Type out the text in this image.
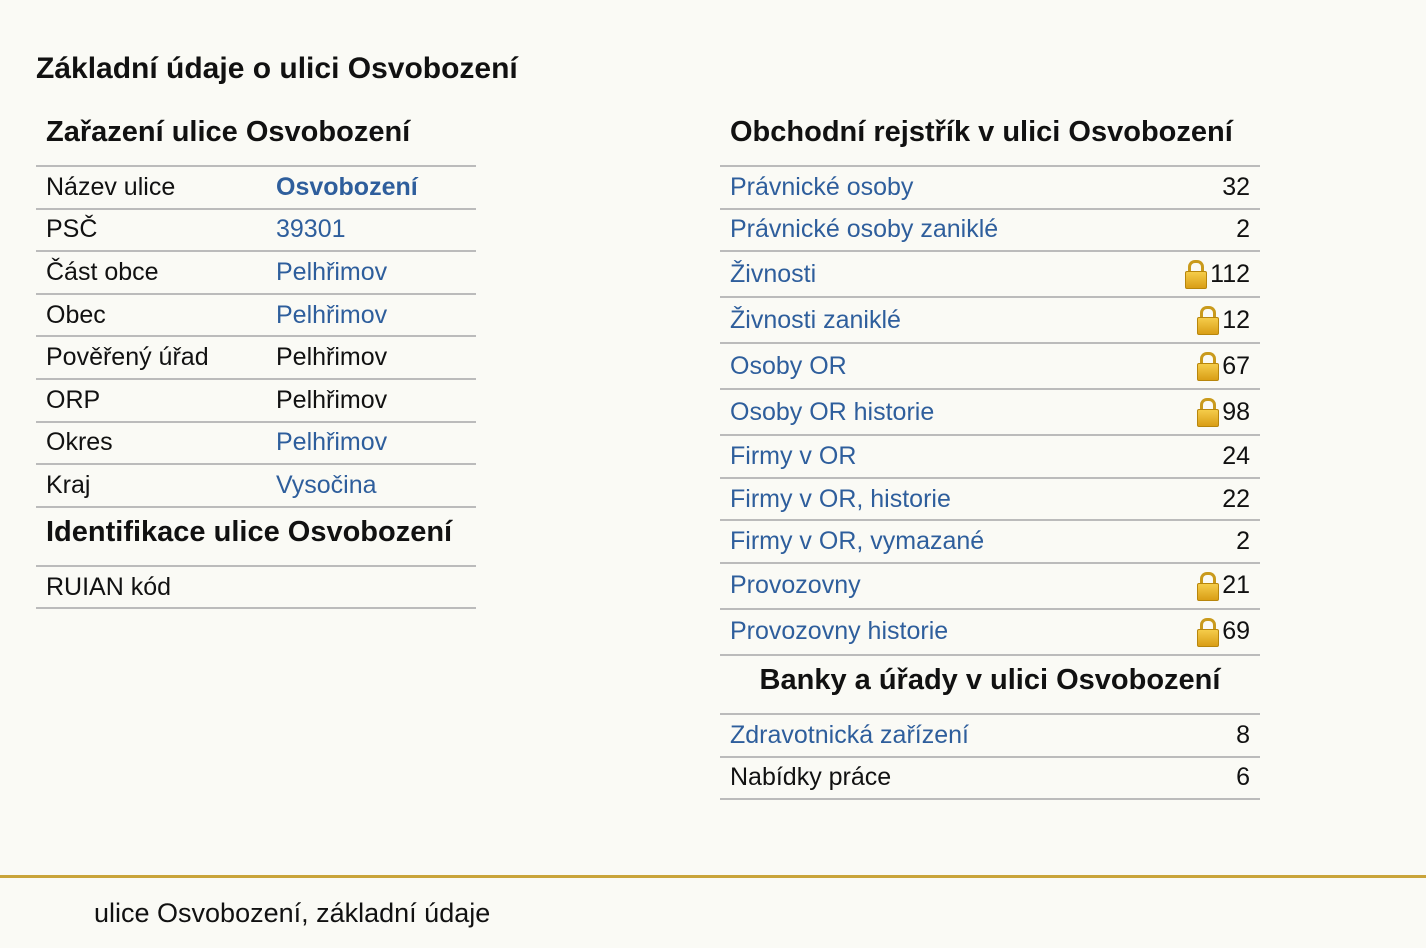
Základní údaje o ulici Osvobození
Zařazení ulice Osvobození
Název ulice	Osvobození
PSČ	39301
Část obce	Pelhřimov
Obec	Pelhřimov
Pověřený úřad	Pelhřimov
ORP	Pelhřimov
Okres	Pelhřimov
Kraj	Vysočina
Identifikace ulice Osvobození
RUIAN kód
Obchodní rejstřík v ulici Osvobození
Právnické osoby	32
Právnické osoby zaniklé	2
Živnosti	112
Živnosti zaniklé	12
Osoby OR	67
Osoby OR historie	98
Firmy v OR	24
Firmy v OR, historie	22
Firmy v OR, vymazané	2
Provozovny	21
Provozovny historie	69
Banky a úřady v ulici Osvobození
Zdravotnická zařízení	8
Nabídky práce	6
ulice Osvobození, základní údaje
